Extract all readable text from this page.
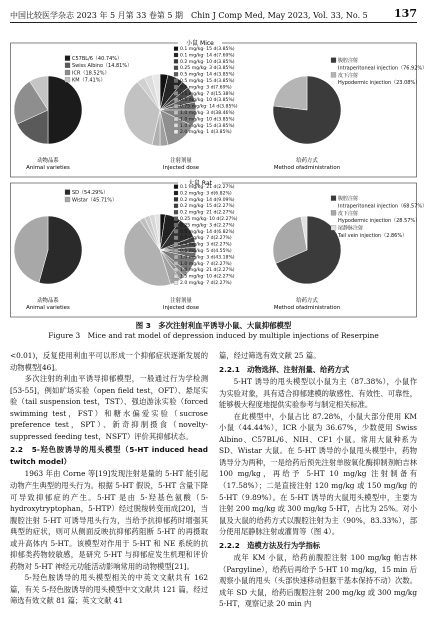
中国比较医学杂志 2023 年 5 月第 33 卷第 5 期　Chin J Comp Med, May 2023, Vol. 33, No. 5 137
小鼠 Mice
大鼠 Rat
C57BL/6（40.74%）
Swiss Albino（14.81%）
ICR（18.52%）
KM（7.41%）
0.1 mg/kg· 15 d(3.85%)
0.1 mg/kg· 14 d(7.69%)
0.2 mg/kg· 10 d(3.85%)
0.25 mg/kg· 3 d(3.85%)
0.5 mg/kg· 14 d(3.85%)
0.5 mg/kg· 15 d(3.85%)
0.5 mg/kg· 3 d(7.69%)
0.5 mg/kg· 7 d(15.38%)
0.5 mg/kg· 10 d(3.85%)
0.75 mg/kg· 14 d(3.85%)
1.0 mg/kg· 3 d(38.46%)
1.0 mg/kg· 10 d(3.85%)
1.0 mg/kg· 15 d(3.85%)
2.0 mg/kg· 1 d(3.85%)
腹腔注射
Intraperitoneal injection（76.92%）
皮下注射
Hypodermic injection（23.08%）
SD（54.29%）
Wistar（45.71%）
0.1 mg/kg· 21 d(2.27%)
0.2 mg/kg· 3 d(6.82%)
0.2 mg/kg· 14 d(9.09%)
0.2 mg/kg· 15 d(2.27%)
0.2 mg/kg· 21 d(2.27%)
0.25 mg/kg· 10 d(2.27%)
0.25 mg/kg· 3 d(2.27%)
0.5 mg/kg· 14 d(6.82%)
0.5 mg/kg· 7 d(2.27%)
0.5 mg/kg· 3 d(2.27%)
0.5 mg/kg· 5 d(4.55%)
1.0 mg/kg· 3 d(43.18%)
1.0 mg/kg· 7 d(2.27%)
1.0 mg/kg· 21 d(2.27%)
1.5 mg/kg· 10 d(2.27%)
2.0 mg/kg· 7 d(2.27%)
腹腔注射
Intraperitoneal injection（68.57%）
皮下注射
Hypodermic injection（28.57%）
尾静脉注射
Tail vein injection（2.86%）
动物品系
Animal varieties
注射剂量
Injected dose
给药方式
Method ofadministration
动物品系
Animal varieties
注射剂量
Injected dose
给药方式
Method ofadministration
图 3　多次注射利血平诱导小鼠、大鼠抑郁模型
Figure 3　Mice and rat model of depression induced by multiple injections of Reserpine

<0.01)，反复使用利血平可以形成一个抑郁症状逐渐发展的动物模型[46]。

多次注射的利血平诱导抑郁模型，一般通过行为学检测[53-55]，例如旷场实验（open field test，OFT）、悬尾实验（tail suspension test，TST）、强迫游泳实验（forced swimming test，FST）和糖水偏爱实验（sucrose preference test，SPT）、新奇抑制摄食（novelty-suppressed feeding test，NSFT）评价其抑郁状态。

2.2　5-羟色胺诱导的甩头模型（5-HT induced head twitch model）

1963 年由 Corne 等[19]发现注射是量的 5-HT 能引起动物产生典型的甩头行为。根据 5-HT 假说，5-HT 含量下降可导致抑郁症的产生。5-HT 是由 5-羟基色氨酸（5-hydroxytryptophan，5-HTP）经过脱羧转变而成[20]，当腹腔注射 5-HT 可诱导甩头行为，当给予抗抑郁药时增强其典型的症状，则可从侧面反映抗抑郁药阻断 5-HT 的再摄取或升高体内 5-HT。该模型对作用于 5-HT 和 NE 系统的抗抑郁类药物较敏感，是研究 5-HT 与抑郁症发生机理和评价药物对 5-HT 神经元功能活动影响常用的动物模型[21]。

5-羟色胺诱导的甩头模型相关的中英文文献共有 162 篇，有关 5-羟色胺诱导的甩头模型中文文献共 121 篇，经过筛选有效文献 81 篇；英文文献 41

篇，经过筛选有效文献 25 篇。

2.2.1　动物选择、注射剂量、给药方式

5-HT 诱导的甩头模型以小鼠为主（87.38%），小鼠作为实验对象，具有适合抑郁建模的敏感性、有效性、可靠性，能够极大程度地提供实验参考与制定相关标准。

在此模型中，小鼠占比 87.28%，小鼠大部分使用 KM 小鼠（44.44%），ICR 小鼠为 36.67%，少数使用 Swiss Albino、C57BL/6、NIH、CF1 小鼠。常用大鼠种系为 SD、Wistar 大鼠。在 5-HT 诱导的小鼠甩头模型中，药物诱导分为两种，一是给药后预先注射单胺氧化酶抑制剂帕吉林 100 mg/kg，再给予 5-HT 10 mg/kg 注射制备有（17.58%）；二是直接注射 120 mg/kg 或 150 mg/kg 的 5-HT（9.89%）。在 5-HT 诱导的大鼠甩头模型中，主要为注射 200 mg/kg 或 300 mg/kg 5-HT，占比为 25%。对小鼠及大鼠的给药方式以腹腔注射为主（90%，83.33%），部分使用尾静脉注射或灌胃等（图 4）。

2.2.2　造模方法及行为学指标

成年 KM 小鼠，给药前腹腔注射 100 mg/kg 帕吉林（Pargyline），给药后再给予 5-HT 10 mg/kg，15 min 后观察小鼠的甩头（头部快速移动但躯干基本保持不动）次数。成年 SD 大鼠，给药后腹腔注射 200 mg/kg 或 300 mg/kg 5-HT，观察记录 20 min 内
